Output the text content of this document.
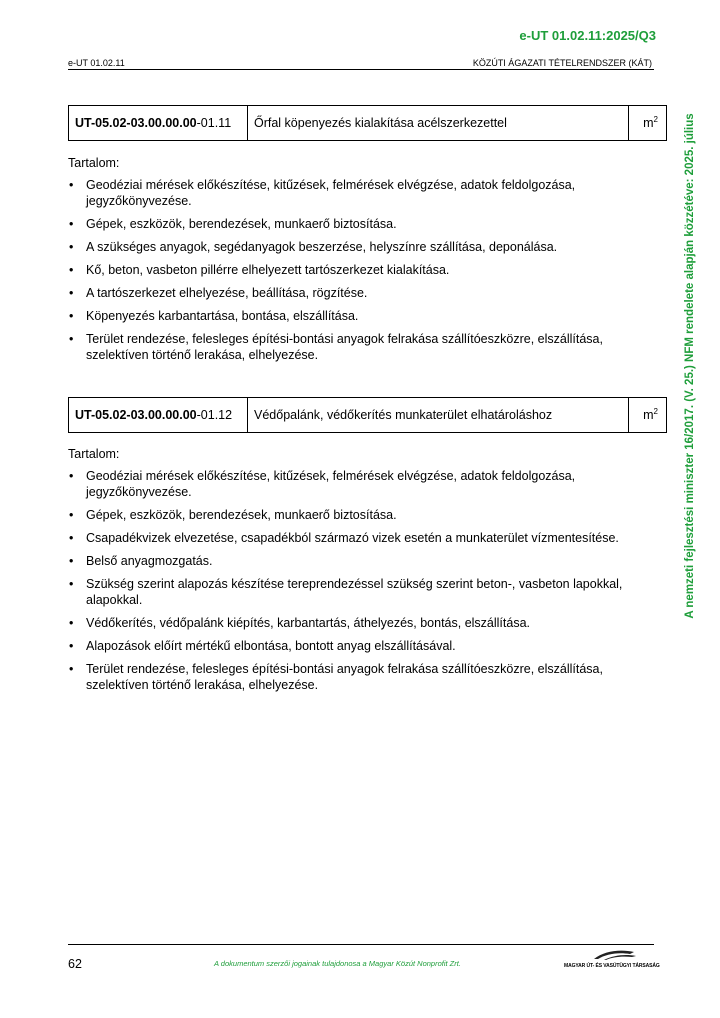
e-UT 01.02.11:2025/Q3
e-UT 01.02.11	KÖZÚTI ÁGAZATI TÉTELRENDSZER (KÁT)
UT-05.02-03.00.00.00-01.11	Őrfal köpenyezés kialakítása acélszerkezettel	$m^2$
Tartalom:
• Geodéziai mérések előkészítése, kitűzések, felmérések elvégzése, adatok feldolgozása, jegyzőkönyvezése.
• Gépek, eszközök, berendezések, munkaerő biztosítása.
• A szükséges anyagok, segédanyagok beszerzése, helyszínre szállítása, deponálása.
• Kő, beton, vasbeton pillérre elhelyezett tartószerkezet kialakítása.
• A tartószerkezet elhelyezése, beállítása, rögzítése.
• Köpenyezés karbantartása, bontása, elszállítása.
• Terület rendezése, felesleges építési-bontási anyagok felrakása szállítóeszközre, elszállítása, szelektíven történő lerakása, elhelyezése.
UT-05.02-03.00.00.00-01.12	Védőpalánk, védőkerítés munkaterület elhatároláshoz	$m^2$
Tartalom:
• Geodéziai mérések előkészítése, kitűzések, felmérések elvégzése, adatok feldolgozása, jegyzőkönyvezése.
• Gépek, eszközök, berendezések, munkaerő biztosítása.
• Csapadékvizek elvezetése, csapadékból származó vizek esetén a munkaterület vízmentesítése.
• Belső anyagmozgatás.
• Szükség szerint alapozás készítése tereprendezéssel szükség szerint beton-, vasbeton lapokkal, alapokkal.
• Védőkerítés, védőpalánk kiépítés, karbantartás, áthelyezés, bontás, elszállítása.
• Alapozások előírt mértékű elbontása, bontott anyag elszállításával.
• Terület rendezése, felesleges építési-bontási anyagok felrakása szállítóeszközre, elszállítása, szelektíven történő lerakása, elhelyezése.
A nemzeti fejlesztési miniszter 16/2017. (V. 25.) NFM rendelete alapján közzétéve: 2025. július
62	A dokumentum szerzői jogainak tulajdonosa a Magyar Közút Nonprofit Zrt.	MAGYAR ÚT- ÉS VASÚTÜGYI TÁRSASÁG
